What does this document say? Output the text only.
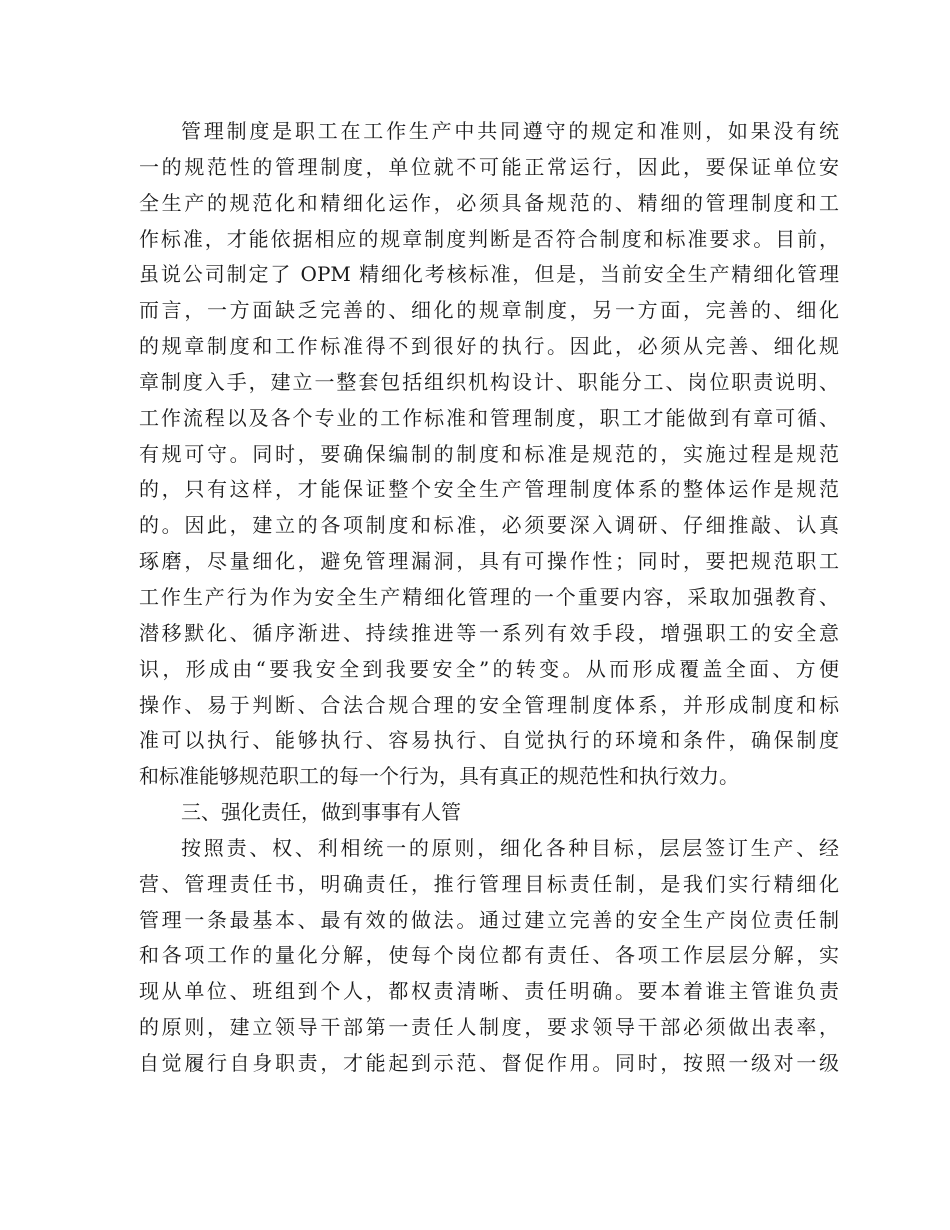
管理制度是职工在工作生产中共同遵守的规定和准则，如果没有统
一的规范性的管理制度，单位就不可能正常运行，因此，要保证单位安
全生产的规范化和精细化运作，必须具备规范的、精细的管理制度和工
作标准，才能依据相应的规章制度判断是否符合制度和标准要求。目前，
虽说公司制定了 OPM 精细化考核标准，但是，当前安全生产精细化管理
而言，一方面缺乏完善的、细化的规章制度，另一方面，完善的、细化
的规章制度和工作标准得不到很好的执行。因此，必须从完善、细化规
章制度入手，建立一整套包括组织机构设计、职能分工、岗位职责说明、
工作流程以及各个专业的工作标准和管理制度，职工才能做到有章可循、
有规可守。同时，要确保编制的制度和标准是规范的，实施过程是规范
的，只有这样，才能保证整个安全生产管理制度体系的整体运作是规范
的。因此，建立的各项制度和标准，必须要深入调研、仔细推敲、认真
琢磨，尽量细化，避免管理漏洞，具有可操作性；同时，要把规范职工
工作生产行为作为安全生产精细化管理的一个重要内容，采取加强教育、
潜移默化、循序渐进、持续推进等一系列有效手段，增强职工的安全意
识，形成由“要我安全到我要安全”的转变。从而形成覆盖全面、方便
操作、易于判断、合法合规合理的安全管理制度体系，并形成制度和标
准可以执行、能够执行、容易执行、自觉执行的环境和条件，确保制度
和标准能够规范职工的每一个行为，具有真正的规范性和执行效力。
三、强化责任，做到事事有人管
按照责、权、利相统一的原则，细化各种目标，层层签订生产、经
营、管理责任书，明确责任，推行管理目标责任制，是我们实行精细化
管理一条最基本、最有效的做法。通过建立完善的安全生产岗位责任制
和各项工作的量化分解，使每个岗位都有责任、各项工作层层分解，实
现从单位、班组到个人，都权责清晰、责任明确。要本着谁主管谁负责
的原则，建立领导干部第一责任人制度，要求领导干部必须做出表率，
自觉履行自身职责，才能起到示范、督促作用。同时，按照一级对一级
